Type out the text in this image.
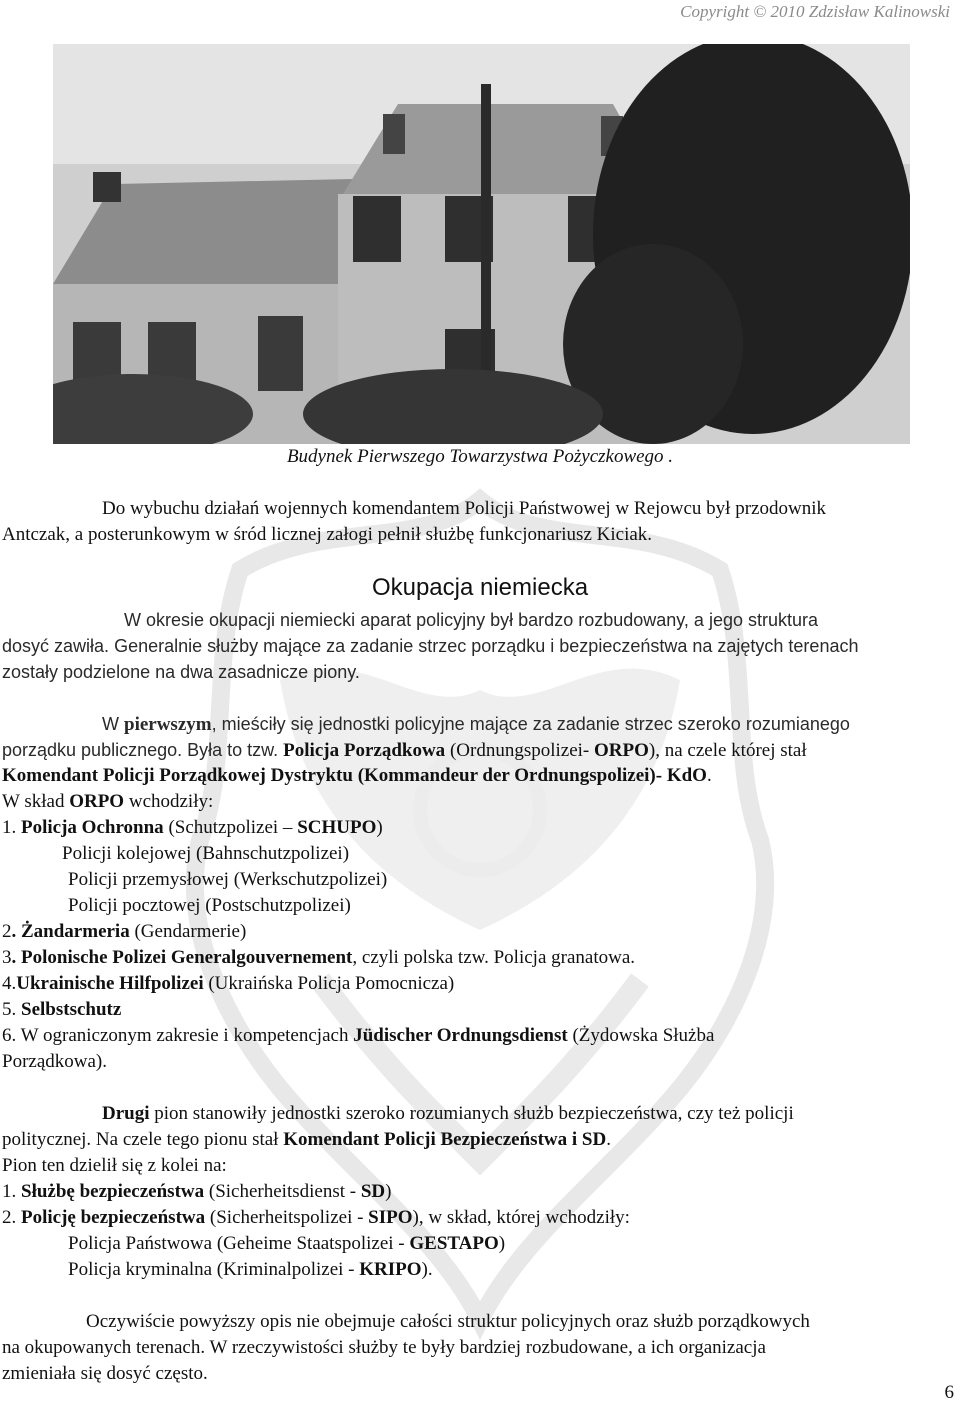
Copyright © 2010 Zdzisław Kalinowski
Budynek Pierwszego Towarzystwa Pożyczkowego .
Do wybuchu działań wojennych komendantem Policji Państwowej w Rejowcu był przodownik
Antczak, a posterunkowym w śród licznej załogi pełnił służbę funkcjonariusz Kiciak.
Okupacja niemiecka
W okresie okupacji niemiecki aparat policyjny był bardzo rozbudowany, a jego struktura
dosyć zawiła. Generalnie służby mające za zadanie strzec porządku i bezpieczeństwa na zajętych terenach
zostały podzielone na dwa zasadnicze piony.
W pierwszym, mieściły się jednostki policyjne mające za zadanie strzec szeroko rozumianego
porządku publicznego. Była to tzw. Policja Porządkowa (Ordnungspolizei- ORPO), na czele której stał
Komendant Policji Porządkowej Dystryktu (Kommandeur der Ordnungspolizei)- KdO.
W skład ORPO wchodziły:
1. Policja Ochronna (Schutzpolizei – SCHUPO)
Policji kolejowej (Bahnschutzpolizei)
Policji przemysłowej (Werkschutzpolizei)
Policji pocztowej (Postschutzpolizei)
2. Żandarmeria (Gendarmerie)
3. Polonische Polizei Generalgouvernement, czyli polska tzw. Policja granatowa.
4.Ukrainische Hilfpolizei (Ukraińska Policja Pomocnicza)
5. Selbstschutz
6. W ograniczonym zakresie i kompetencjach Jüdischer Ordnungsdienst (Żydowska Służba
Porządkowa).
Drugi pion stanowiły jednostki szeroko rozumianych służb bezpieczeństwa, czy też policji
politycznej. Na czele tego pionu stał Komendant Policji Bezpieczeństwa i SD.
Pion ten dzielił się z kolei na:
1. Służbę bezpieczeństwa (Sicherheitsdienst - SD)
2. Policję bezpieczeństwa (Sicherheitspolizei - SIPO), w skład, której wchodziły:
Policja Państwowa (Geheime Staatspolizei - GESTAPO)
Policja kryminalna (Kriminalpolizei - KRIPO).
Oczywiście powyższy opis nie obejmuje całości struktur policyjnych oraz służb porządkowych
na okupowanych terenach. W rzeczywistości służby te były bardziej rozbudowane, a ich organizacja
zmieniała się dosyć często.
6
